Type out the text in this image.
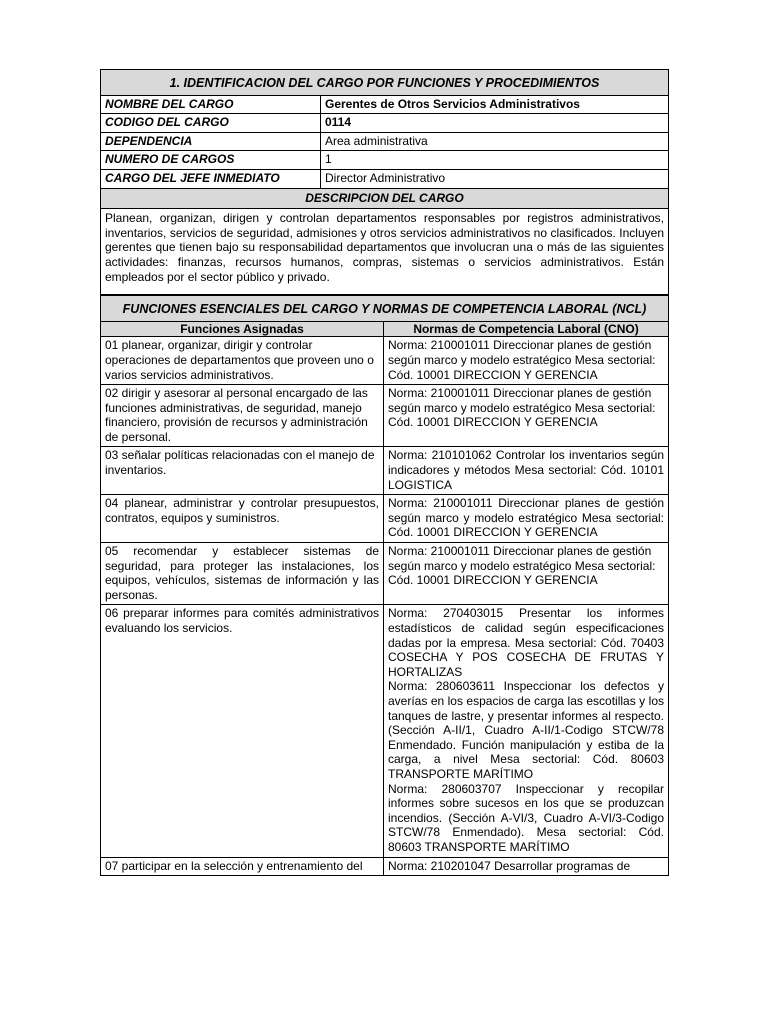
1. IDENTIFICACION DEL CARGO POR FUNCIONES Y PROCEDIMIENTOS	
NOMBRE DEL CARGO	Gerentes de Otros Servicios Administrativos
CODIGO DEL CARGO	0114
DEPENDENCIA	Area administrativa
NUMERO DE CARGOS	1
CARGO DEL JEFE INMEDIATO	Director Administrativo
DESCRIPCION DEL CARGO	
Planean, organizan, dirigen y controlan departamentos responsables por registros administrativos, inventarios, servicios de seguridad, admisiones y otros servicios administrativos no clasificados. Incluyen gerentes que tienen bajo su responsabilidad departamentos que involucran una o más de las siguientes actividades: finanzas, recursos humanos, compras, sistemas o servicios administrativos. Están empleados por el sector público y privado.	
FUNCIONES ESENCIALES DEL CARGO Y NORMAS DE COMPETENCIA LABORAL (NCL)	
Funciones Asignadas	Normas de Competencia Laboral (CNO)
01 planear, organizar, dirigir y controlar operaciones de departamentos que proveen uno o varios servicios administrativos.	Norma: 210001011 Direccionar planes de gestión según marco y modelo estratégico Mesa sectorial: Cód. 10001 DIRECCION Y GERENCIA
02 dirigir y asesorar al personal encargado de las funciones administrativas, de seguridad, manejo financiero, provisión de recursos y administración de personal.	Norma: 210001011 Direccionar planes de gestión según marco y modelo estratégico Mesa sectorial: Cód. 10001 DIRECCION Y GERENCIA
03 señalar políticas relacionadas con el manejo de inventarios.	Norma: 210101062 Controlar los inventarios según indicadores y métodos Mesa sectorial: Cód. 10101 LOGISTICA
04 planear, administrar y controlar presupuestos, contratos, equipos y suministros.	Norma: 210001011 Direccionar planes de gestión según marco y modelo estratégico Mesa sectorial: Cód. 10001 DIRECCION Y GERENCIA
05 recomendar y establecer sistemas de seguridad, para proteger las instalaciones, los equipos, vehículos, sistemas de información y las personas.	Norma: 210001011 Direccionar planes de gestión según marco y modelo estratégico Mesa sectorial: Cód. 10001 DIRECCION Y GERENCIA
06 preparar informes para comités administrativos evaluando los servicios.	Norma: 270403015 Presentar los informes estadísticos de calidad según especificaciones dadas por la empresa. Mesa sectorial: Cód. 70403 COSECHA Y POS COSECHA DE FRUTAS Y HORTALIZAS
Norma: 280603611 Inspeccionar los defectos y averías en los espacios de carga las escotillas y los tanques de lastre, y presentar informes al respecto. (Sección A-II/1, Cuadro A-II/1-Codigo STCW/78 Enmendado. Función manipulación y estiba de la carga, a nivel Mesa sectorial: Cód. 80603 TRANSPORTE MARÍTIMO
Norma: 280603707 Inspeccionar y recopilar informes sobre sucesos en los que se produzcan incendios. (Sección A-VI/3, Cuadro A-VI/3-Codigo STCW/78 Enmendado). Mesa sectorial: Cód. 80603 TRANSPORTE MARÍTIMO

07 participar en la selección y entrenamiento del	Norma: 210201047 Desarrollar programas de
